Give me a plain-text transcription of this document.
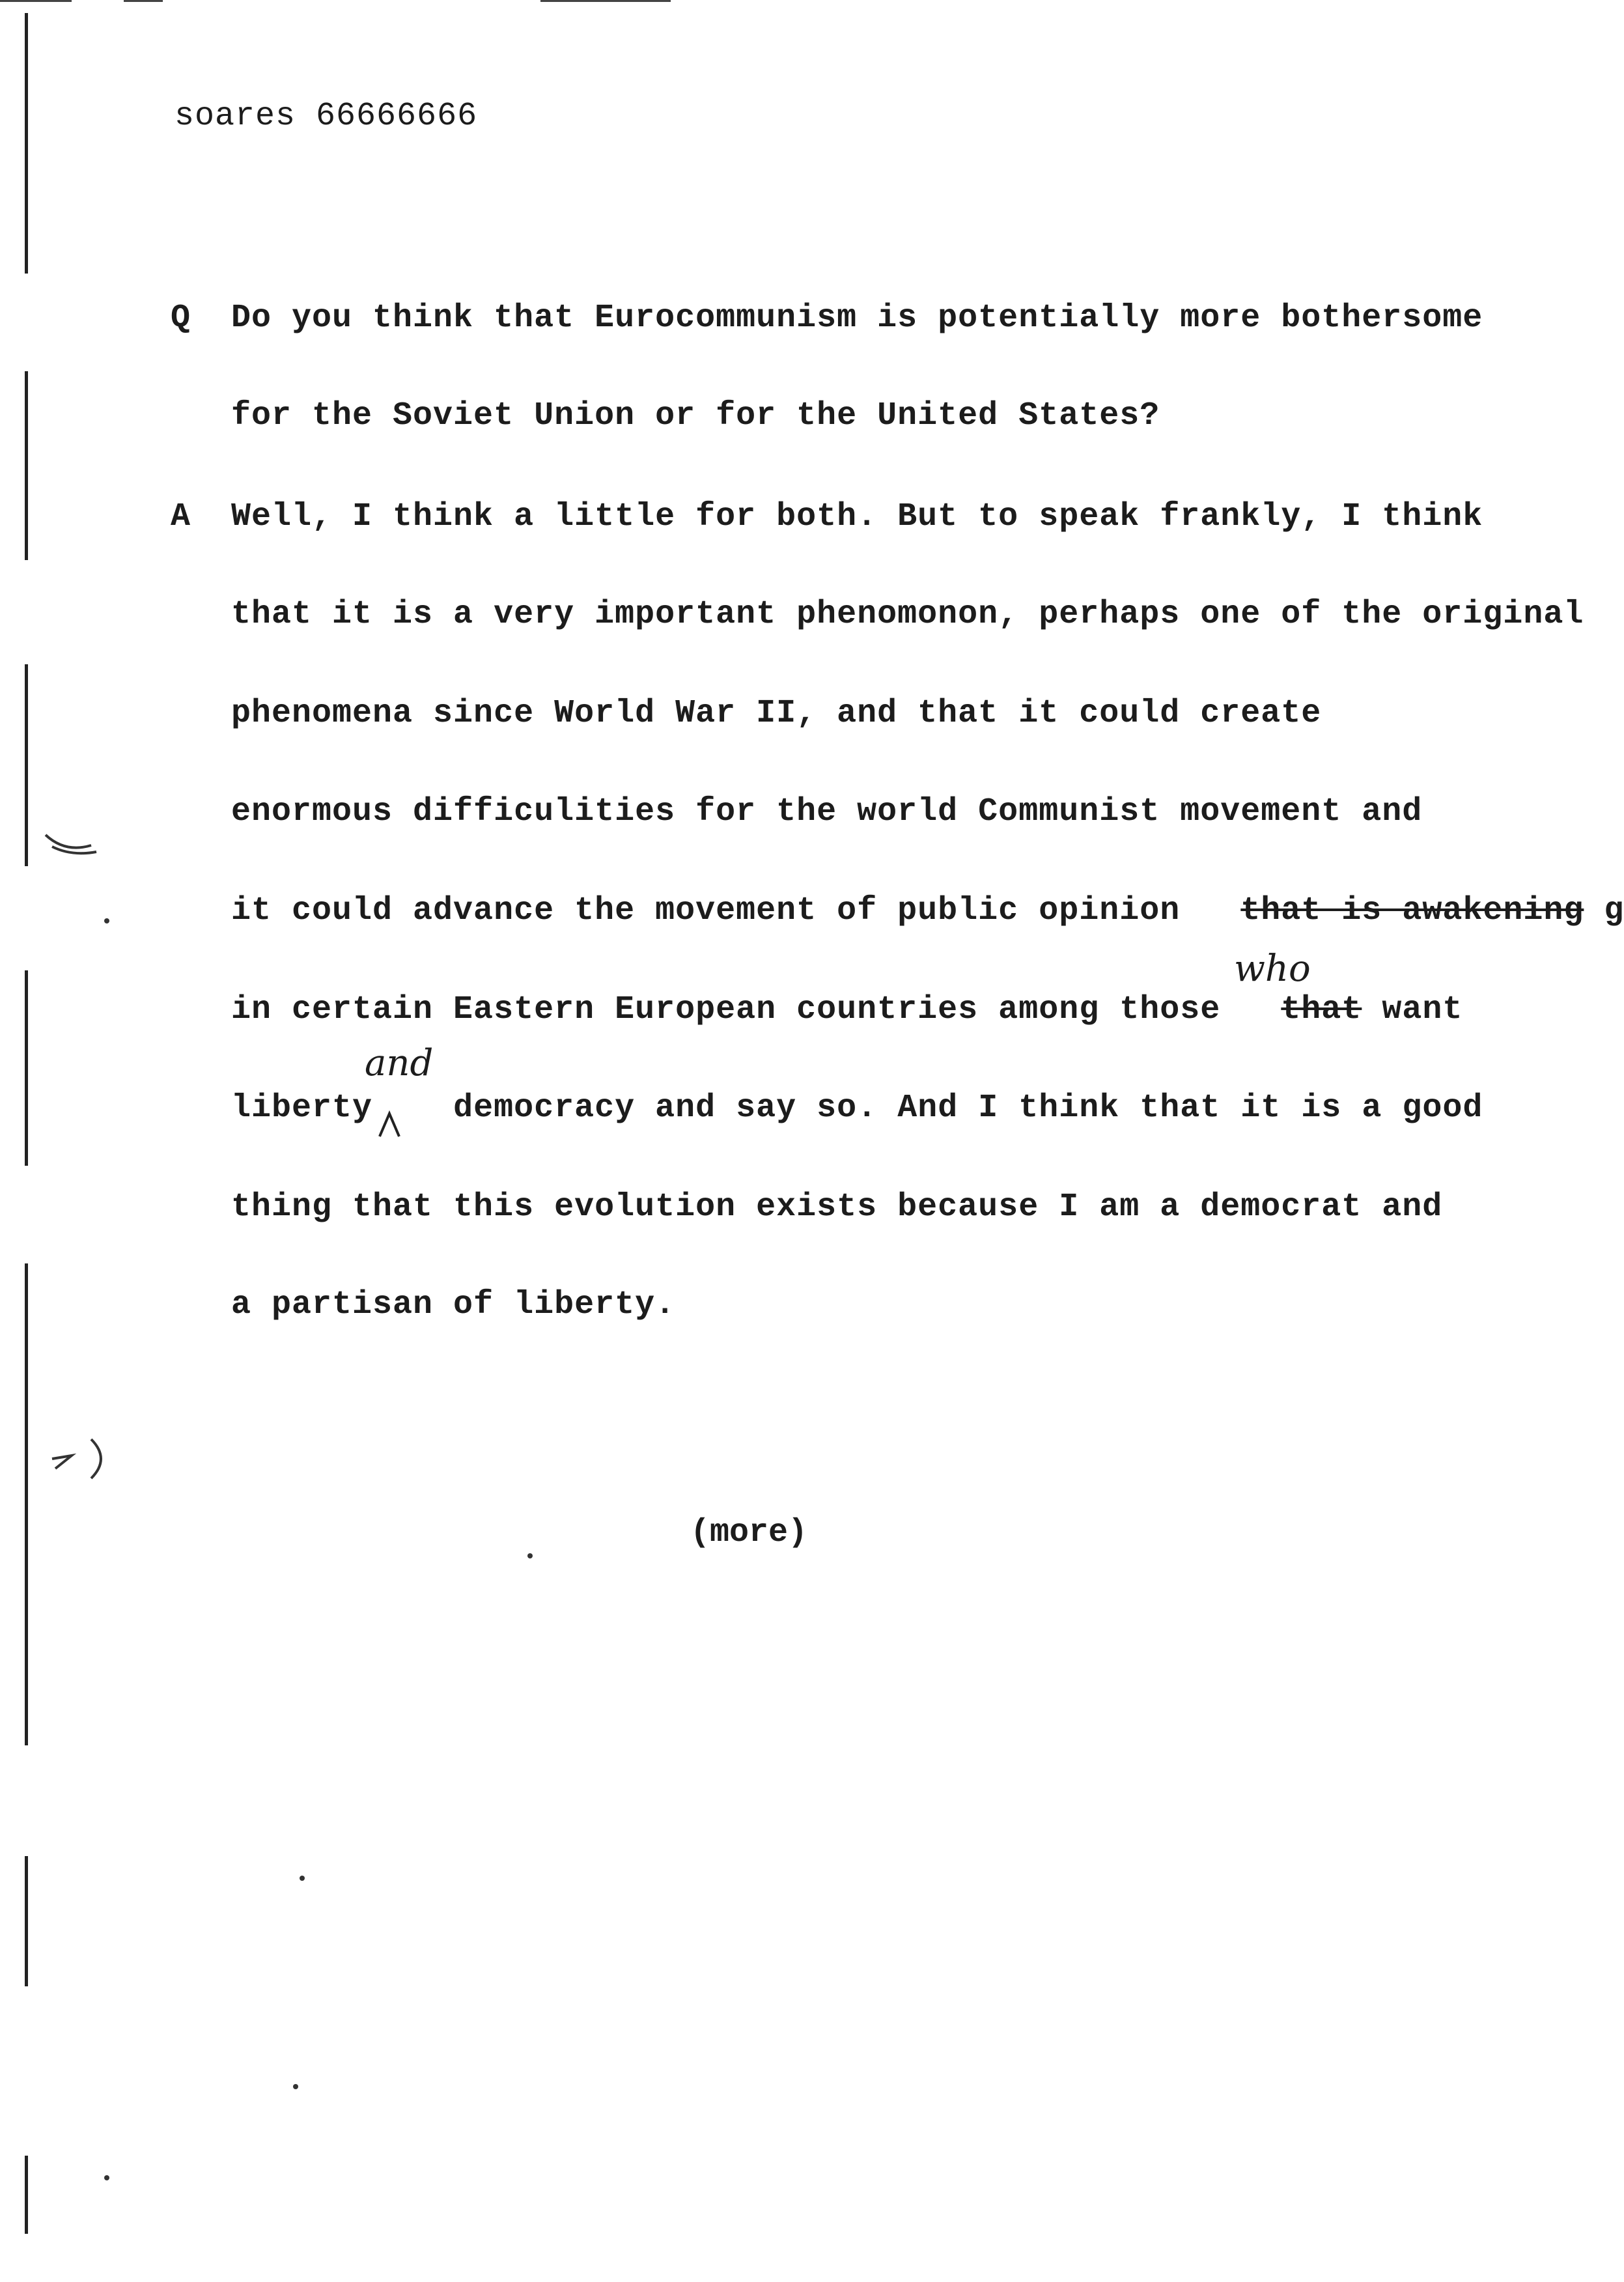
soares 66666666
Q
A
Do you think that Eurocommunism is potentially more bothersome
for the Soviet Union or for the United States?
Well, I think a little for both. But to speak frankly, I think
that it is a very important phenomonon, perhaps one of the original
phenomena since World War II, and that it could create
enormous difficulities for the world Communist movement and
it could advance the movement of public opinion that is awakening g
who
in certain Eastern European countries among those that want
and
liberty democracy and say so. And I think that it is a good
thing that this evolution exists because I am a democrat and
a partisan of liberty.
(more)
